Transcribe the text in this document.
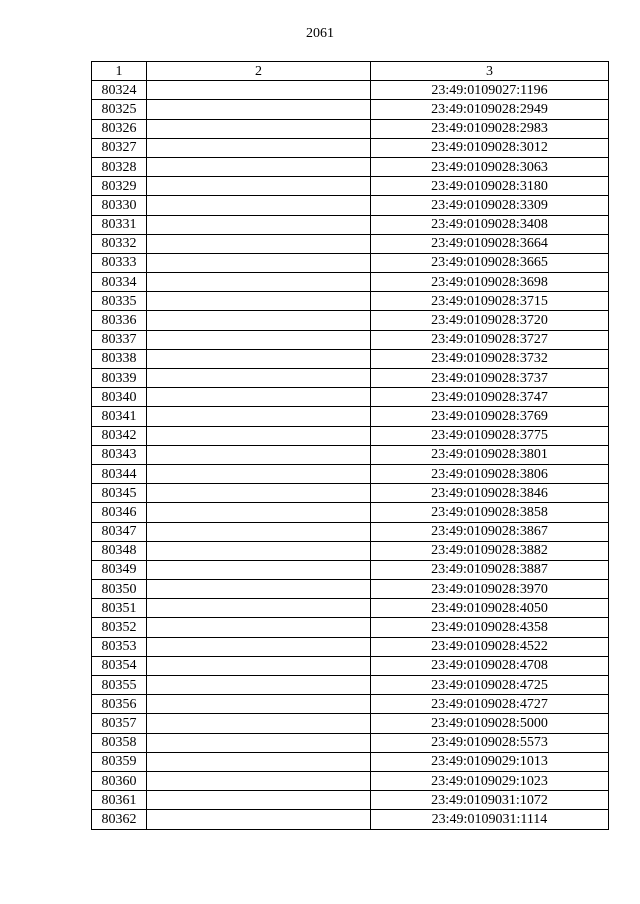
2061
1	2	3
80324		23:49:0109027:1196
80325		23:49:0109028:2949
80326		23:49:0109028:2983
80327		23:49:0109028:3012
80328		23:49:0109028:3063
80329		23:49:0109028:3180
80330		23:49:0109028:3309
80331		23:49:0109028:3408
80332		23:49:0109028:3664
80333		23:49:0109028:3665
80334		23:49:0109028:3698
80335		23:49:0109028:3715
80336		23:49:0109028:3720
80337		23:49:0109028:3727
80338		23:49:0109028:3732
80339		23:49:0109028:3737
80340		23:49:0109028:3747
80341		23:49:0109028:3769
80342		23:49:0109028:3775
80343		23:49:0109028:3801
80344		23:49:0109028:3806
80345		23:49:0109028:3846
80346		23:49:0109028:3858
80347		23:49:0109028:3867
80348		23:49:0109028:3882
80349		23:49:0109028:3887
80350		23:49:0109028:3970
80351		23:49:0109028:4050
80352		23:49:0109028:4358
80353		23:49:0109028:4522
80354		23:49:0109028:4708
80355		23:49:0109028:4725
80356		23:49:0109028:4727
80357		23:49:0109028:5000
80358		23:49:0109028:5573
80359		23:49:0109029:1013
80360		23:49:0109029:1023
80361		23:49:0109031:1072
80362		23:49:0109031:1114
